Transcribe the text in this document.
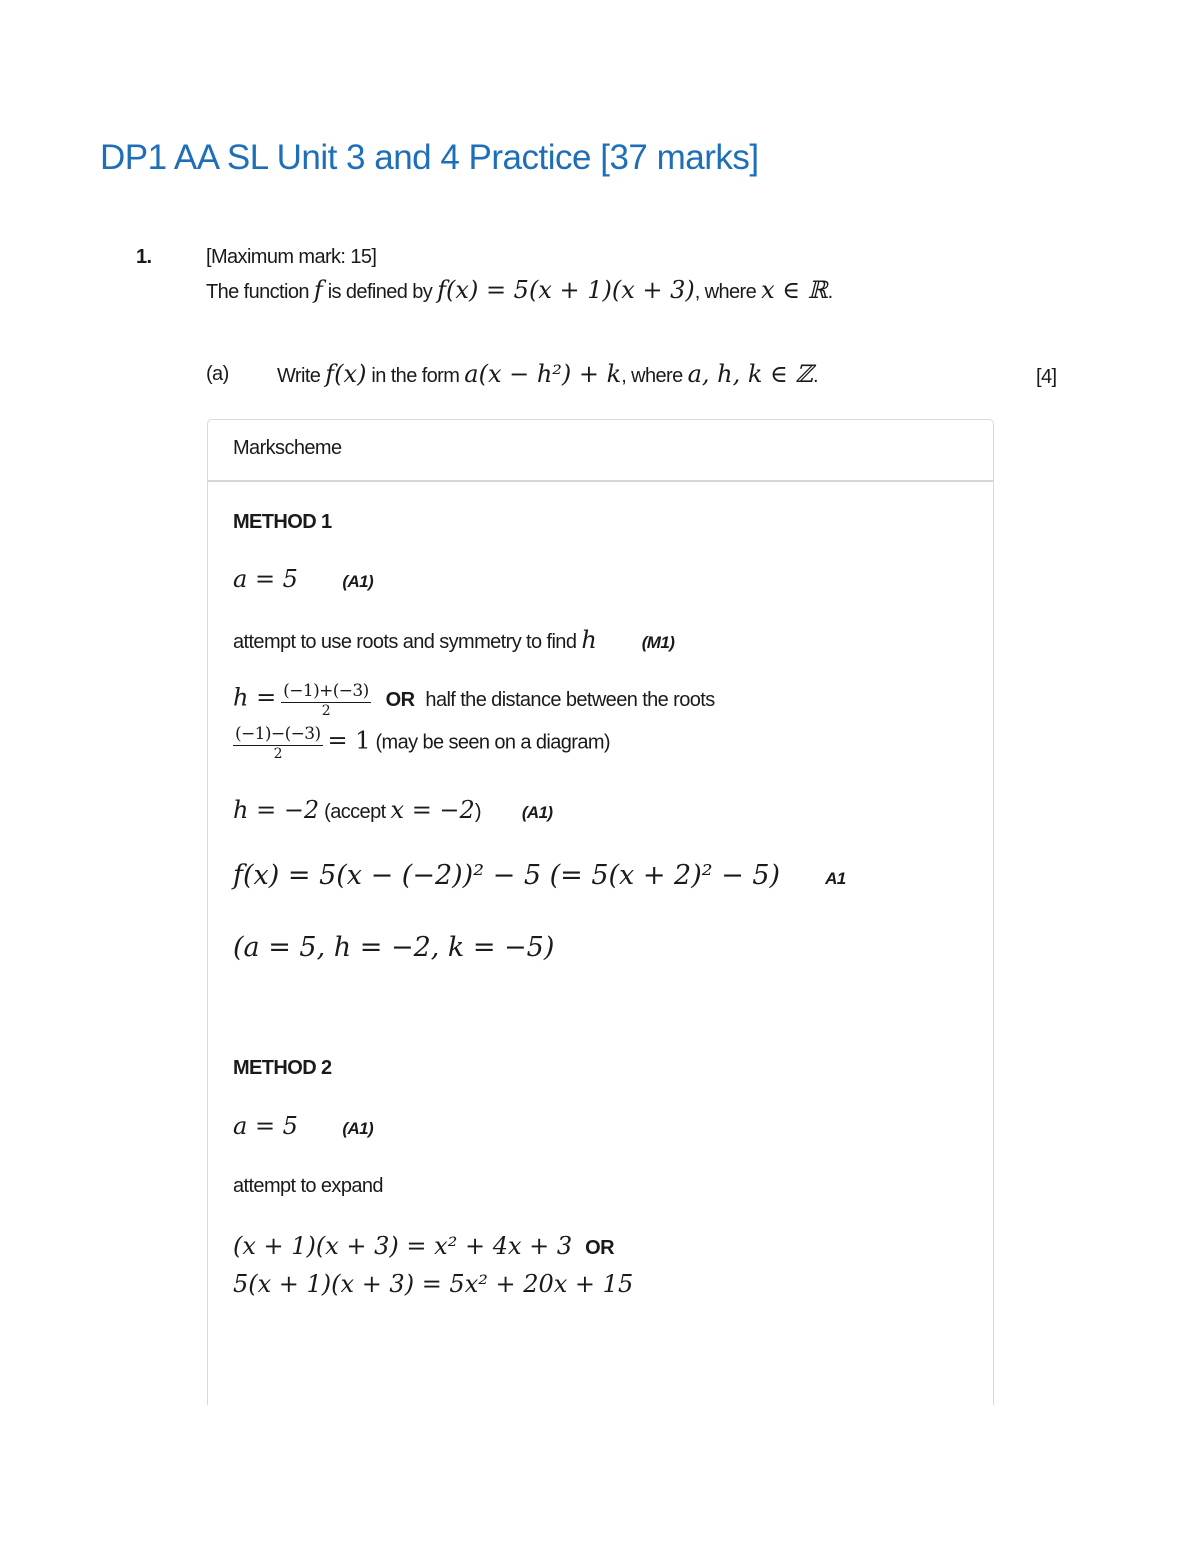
DP1 AA SL Unit 3 and 4 Practice [37 marks]
1.	[Maximum mark: 15]
The function f is defined by f(x) = 5(x + 1)(x + 3), where x ∈ ℝ.
(a) Write f(x) in the form a(x − h²) + k, where a, h, k ∈ ℤ.	[4]
Markscheme
METHOD 1
a = 5	(A1)
attempt to use roots and symmetry to find h	(M1)
$h = \frac{(-1)+(-3)}{2}$ OR half the distance between the roots
$\frac{(-1)-(-3)}{2} = 1$ (may be seen on a diagram)
h = −2 (accept x = −2) (A1)
f(x) = 5(x − (−2))² − 5 (= 5(x + 2)² − 5)	A1
(a = 5, h = −2, k = −5)
METHOD 2
a = 5	(A1)
attempt to expand
(x + 1)(x + 3) = x² + 4x + 3 OR
5(x + 1)(x + 3) = 5x² + 20x + 15
